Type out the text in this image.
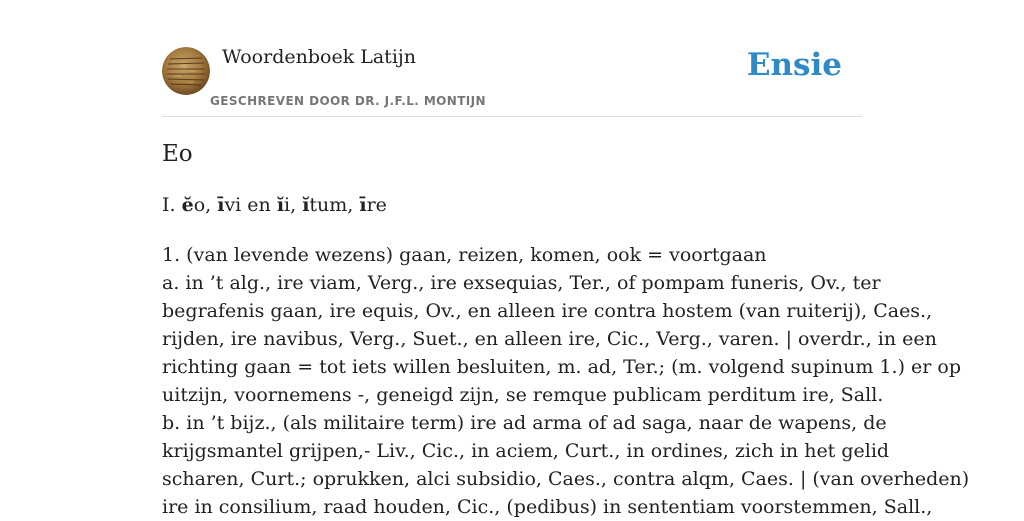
Woordenboek Latijn
GESCHREVEN DOOR DR. J.F.L. MONTIJN
Ensie
Eo

I. ĕo, īvi en ĭi, ĭtum, īre

1. (van levende wezens) gaan, reizen, komen, ook = voortgaan
a. in ’t alg., ire viam, Verg., ire exsequias, Ter., of pompam funeris, Ov., ter
begrafenis gaan, ire equis, Ov., en alleen ire contra hostem (van ruiterij), Caes.,
rijden, ire navibus, Verg., Suet., en alleen ire, Cic., Verg., varen. | overdr., in een
richting gaan = tot iets willen besluiten, m. ad, Ter.; (m. volgend supinum 1.) er op
uitzijn, voornemens -, geneigd zijn, se remque publicam perditum ire, Sall.
b. in ’t bijz., (als militaire term) ire ad arma of ad saga, naar de wapens, de
krijgsmantel grijpen,- Liv., Cic., in aciem, Curt., in ordines, zich in het gelid
scharen, Curt.; oprukken, alci subsidio, Caes., contra alqm, Caes. | (van overheden)
ire in consilium, raad houden, Cic., (pedibus) in sententiam voorstemmen, Sall.,
